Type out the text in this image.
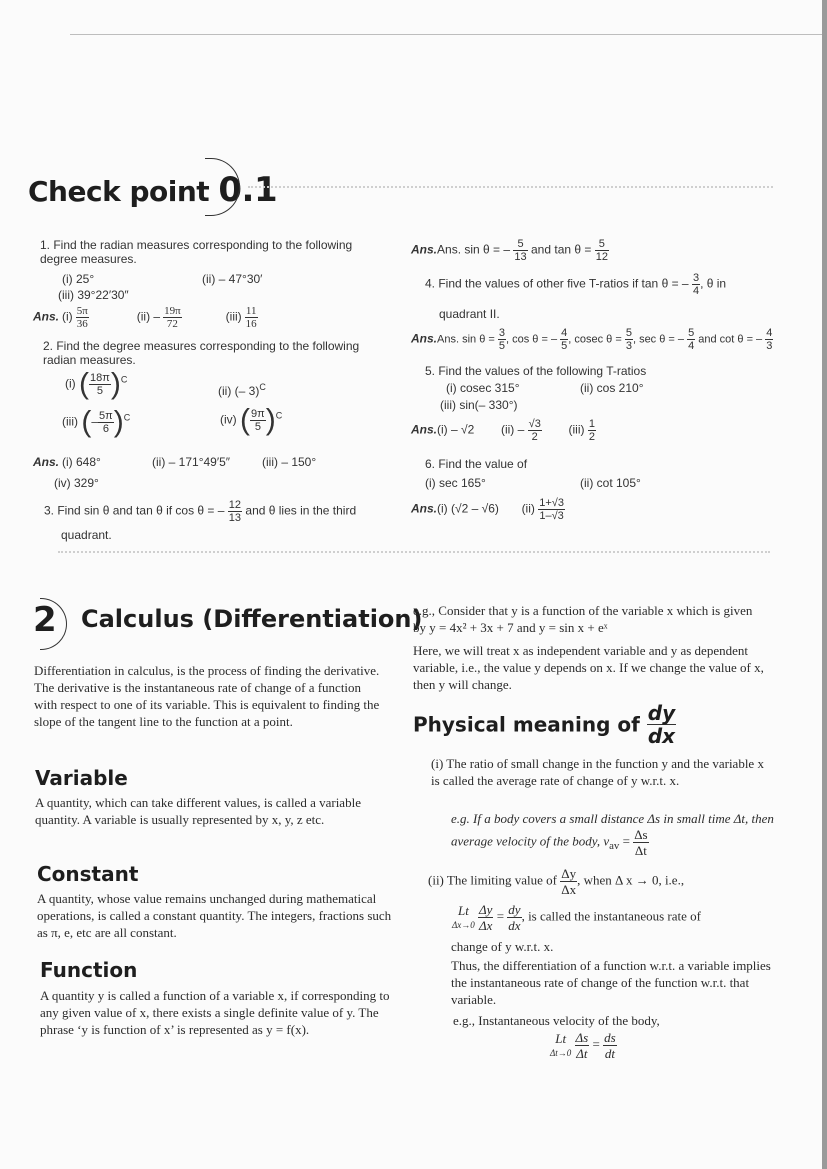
Check point 0.1
1. Find the radian measures corresponding to the following degree measures.
(i) 25°	(ii) – 47°30′
(iii) 39°22′30″
Ans. $(i) \frac{5\pi}{36}$	$(ii) - \frac{19\pi}{72}$	$(iii) \frac{11}{16}$
2. Find the degree measures corresponding to the following radian measures.
(i) ( $\frac{18\pi}{5} )^C$
(ii) (– 3)$^C$
(iii) (– $\frac{5\pi}{6} )^C$	(iv) ( $\frac{9\pi}{5} )^C$
Ans. (i) 648°	(ii) – 171°49′5″	(iii) – 150°
(iv) 329°
3. Find sin θ and tan θ if cos θ = – $\frac{12}{13}$ and θ lies in the third
quadrant.
Ans.Ans. sin θ = – $\frac{5}{13}$ and $\tan \theta = \frac{5}{12}$
4. Find the values of other five T-ratios if tan θ = – $\frac{3}{4}$ , θ in
quadrant II.
Ans.Ans. $\sin \theta = \frac{3}{5}$ , cos θ = – $\frac{4}{5}$ , cosec $\theta = \frac{5}{3}$ , sec θ = – $\frac{5}{4}$ and cot θ = – $\frac{4}{3}$
5. Find the values of the following T-ratios
(i) cosec 315°	(ii) cos 210°
(iii) sin(– 330°)
Ans.(i) – √2 $(ii) - \frac{√3}{2} (iii) \frac{1}{2}$
6. Find the value of
(i) sec 165°	(ii) cot 105°
Ans.(i) (√2 – √6) $(ii) \frac{1+√3}{1-√3}$
2 Calculus (Differentiation)
Differentiation in calculus, is the process of finding the derivative. The derivative is the instantaneous rate of change of a function with respect to one of its variable. This is equivalent to finding the slope of the tangent line to the function at a point.
Variable
A quantity, which can take different values, is called a variable quantity. A variable is usually represented by x, y, z etc.
Constant
A quantity, whose value remains unchanged during mathematical operations, is called a constant quantity. The integers, fractions such as π, e, etc are all constant.
Function
A quantity y is called a function of a variable x, if corresponding to any given value of x, there exists a single definite value of y. The phrase ‘y is function of x’ is represented as y = f(x).
e.g., Consider that y is a function of the variable x which is given by y = 4x² + 3x + 7 and y = sin x + eˣ
Here, we will treat x as independent variable and y as dependent variable, i.e., the value y depends on x. If we change the value of x, then y will change.
Physical meaning of $\frac{dy}{dx}$
(i) The ratio of small change in the function y and the variable x is called the average rate of change of y w.r.t. x.
e.g. If a body covers a small distance Δs in small time Δt, then average velocity of the body, $v_{av} = \frac{\Delta s}{\Delta t}$
(ii) The limiting value of $\frac{\Delta y}{\Delta x}$ , when Δ x → 0, i.e.,
Lt
$\Delta x\to 0 \frac{\Delta y}{\Delta x} = \frac{dy}{dx}$ , is called the instantaneous rate of
change of y w.r.t. x.
Thus, the differentiation of a function w.r.t. a variable implies the instantaneous rate of change of the function w.r.t. that variable.
e.g., Instantaneous velocity of the body,
Lt
$\Delta t\to 0 \frac{\Delta s}{\Delta t} = \frac{ds}{dt}$
